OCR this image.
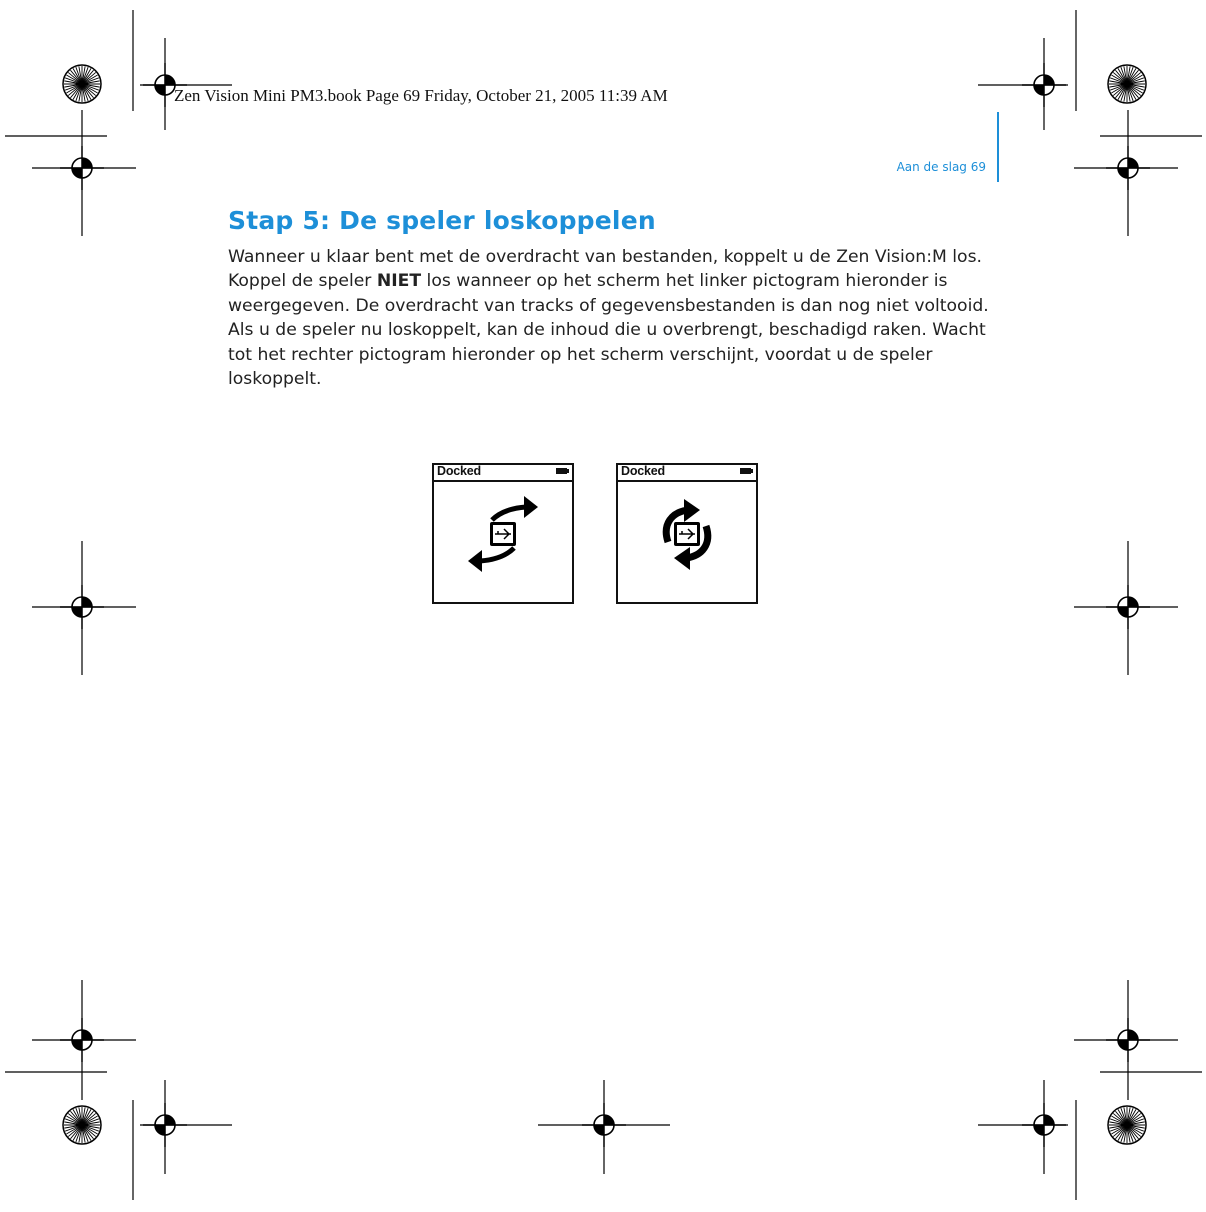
Zen Vision Mini PM3.book Page 69 Friday, October 21, 2005 11:39 AM
Aan de slag 69
Stap 5: De speler loskoppelen

Wanneer u klaar bent met de overdracht van bestanden, koppelt u de Zen Vision:M los.

Koppel de speler NIET los wanneer op het scherm het linker pictogram hieronder is weergegeven. De overdracht van tracks of gegevensbestanden is dan nog niet voltooid. Als u de speler nu loskoppelt, kan de inhoud die u overbrengt, beschadigd raken. Wacht tot het rechter pictogram hieronder op het scherm verschijnt, voordat u de speler loskoppelt.

Docked	Docked
